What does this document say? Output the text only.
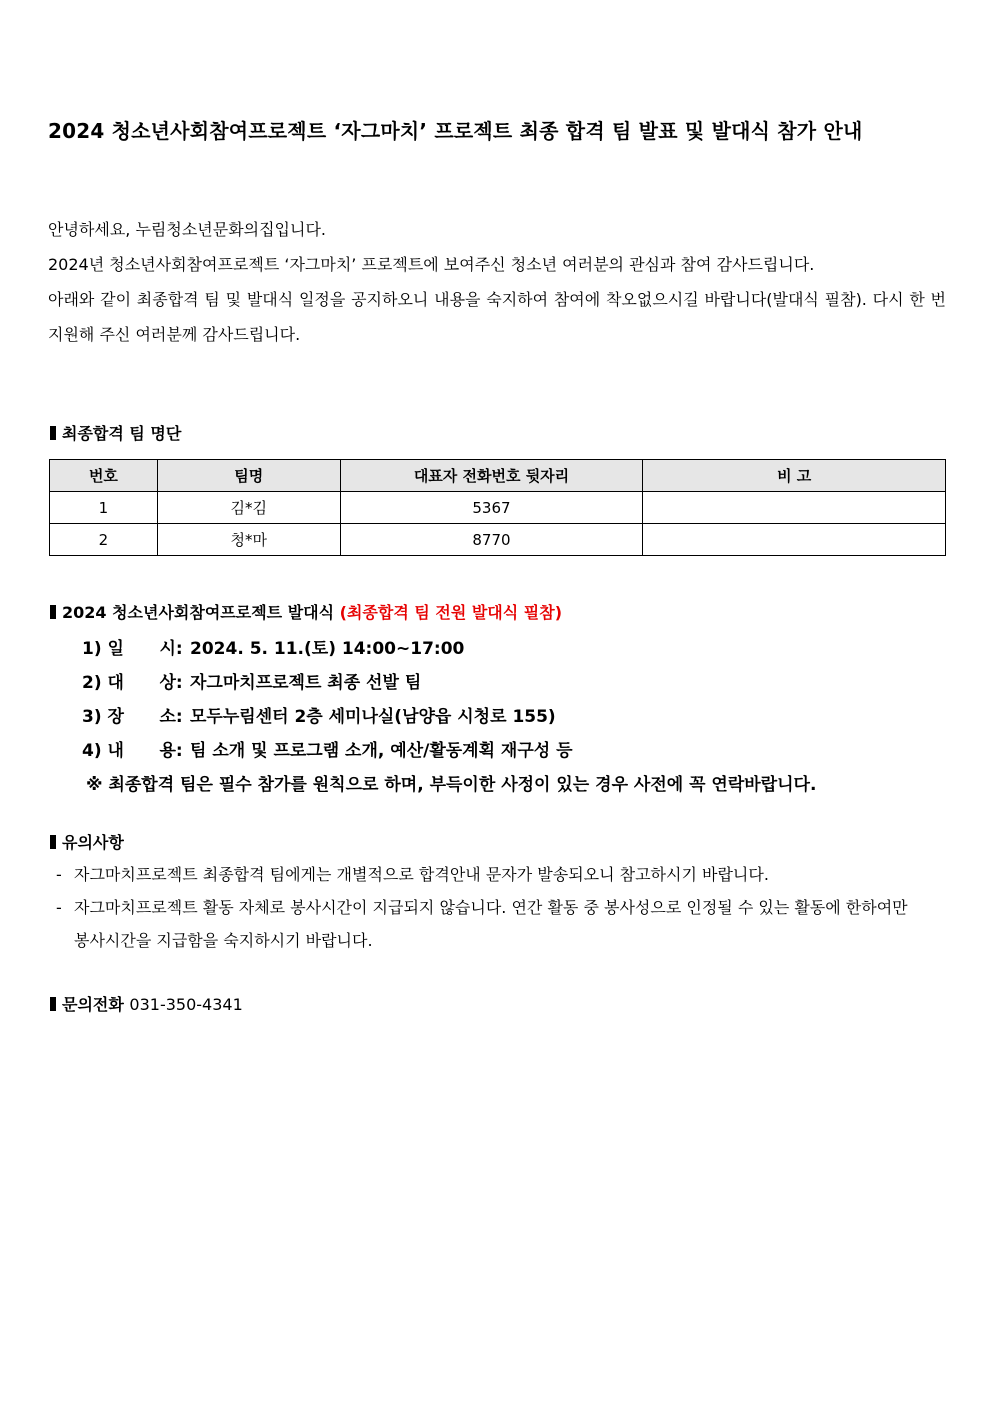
2024 청소년사회참여프로젝트 ‘자그마치’ 프로젝트 최종 합격 팀 발표 및 발대식 참가 안내

안녕하세요, 누림청소년문화의집입니다.

2024년 청소년사회참여프로젝트 ‘자그마치’ 프로젝트에 보여주신 청소년 여러분의 관심과 참여 감사드립니다.

아래와 같이 최종합격 팀 및 발대식 일정을 공지하오니 내용을 숙지하여 참여에 착오없으시길 바랍니다(발대식 필참). 다시 한 번 지원해 주신 여러분께 감사드립니다.

최종합격 팀 명단
번호	팀명	대표자 전화번호 뒷자리	비 고
1	김*김	5367	
2	청*마	8770	
2024 청소년사회참여프로젝트 발대식 (최종합격 팀 전원 발대식 필참)
1) 일      시: 2024. 5. 11.(토) 14:00~17:00
2) 대      상: 자그마치프로젝트 최종 선발 팀
3) 장      소: 모두누림센터 2층 세미나실(남양읍 시청로 155)
4) 내      용: 팀 소개 및 프로그램 소개, 예산/활동계획 재구성 등
※ 최종합격 팀은 필수 참가를 원칙으로 하며, 부득이한 사정이 있는 경우 사전에 꼭 연락바랍니다.
유의사항
- 자그마치프로젝트 최종합격 팀에게는 개별적으로 합격안내 문자가 발송되오니 참고하시기 바랍니다.
- 자그마치프로젝트 활동 자체로 봉사시간이 지급되지 않습니다. 연간 활동 중 봉사성으로 인정될 수 있는 활동에 한하여만 봉사시간을 지급함을 숙지하시기 바랍니다.
문의전화 031-350-4341
